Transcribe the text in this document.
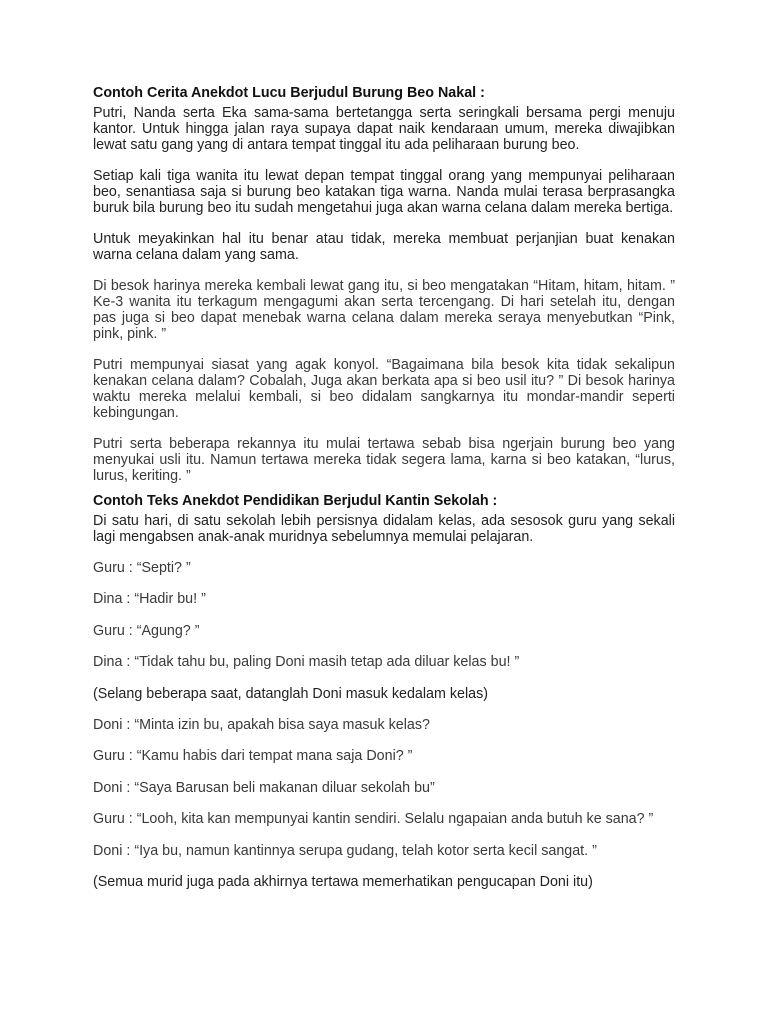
Contoh Cerita Anekdot Lucu Berjudul Burung Beo Nakal :

Putri, Nanda serta Eka sama-sama bertetangga serta seringkali bersama pergi menuju kantor. Untuk hingga jalan raya supaya dapat naik kendaraan umum, mereka diwajibkan lewat satu gang yang di antara tempat tinggal itu ada peliharaan burung beo.

Setiap kali tiga wanita itu lewat depan tempat tinggal orang yang mempunyai peliharaan beo, senantiasa saja si burung beo katakan tiga warna. Nanda mulai terasa berprasangka buruk bila burung beo itu sudah mengetahui juga akan warna celana dalam mereka bertiga.

Untuk meyakinkan hal itu benar atau tidak, mereka membuat perjanjian buat kenakan warna celana dalam yang sama.

Di besok harinya mereka kembali lewat gang itu, si beo mengatakan “Hitam, hitam, hitam. ” Ke-3 wanita itu terkagum mengagumi akan serta tercengang. Di hari setelah itu, dengan pas juga si beo dapat menebak warna celana dalam mereka seraya menyebutkan “Pink, pink, pink. ”

Putri mempunyai siasat yang agak konyol. “Bagaimana bila besok kita tidak sekalipun kenakan celana dalam? Cobalah, Juga akan berkata apa si beo usil itu? ” Di besok harinya waktu mereka melalui kembali, si beo didalam sangkarnya itu mondar-mandir seperti kebingungan.

Putri serta beberapa rekannya itu mulai tertawa sebab bisa ngerjain burung beo yang menyukai usli itu. Namun tertawa mereka tidak segera lama, karna si beo katakan, “lurus, lurus, keriting. ”

Contoh Teks Anekdot Pendidikan Berjudul Kantin Sekolah :

Di satu hari, di satu sekolah lebih persisnya didalam kelas, ada sesosok guru yang sekali lagi mengabsen anak-anak muridnya sebelumnya memulai pelajaran.

Guru : “Septi? ”
Dina : “Hadir bu! ”
Guru : “Agung? ”
Dina : “Tidak tahu bu, paling Doni masih tetap ada diluar kelas bu! ”
(Selang beberapa saat, datanglah Doni masuk kedalam kelas)
Doni : “Minta izin bu, apakah bisa saya masuk kelas?
Guru : “Kamu habis dari tempat mana saja Doni? ”
Doni : “Saya Barusan beli makanan diluar sekolah bu”
Guru : “Looh, kita kan mempunyai kantin sendiri. Selalu ngapaian anda butuh ke sana? ”
Doni : “Iya bu, namun kantinnya serupa gudang, telah kotor serta kecil sangat. ”
(Semua murid juga pada akhirnya tertawa memerhatikan pengucapan Doni itu)
